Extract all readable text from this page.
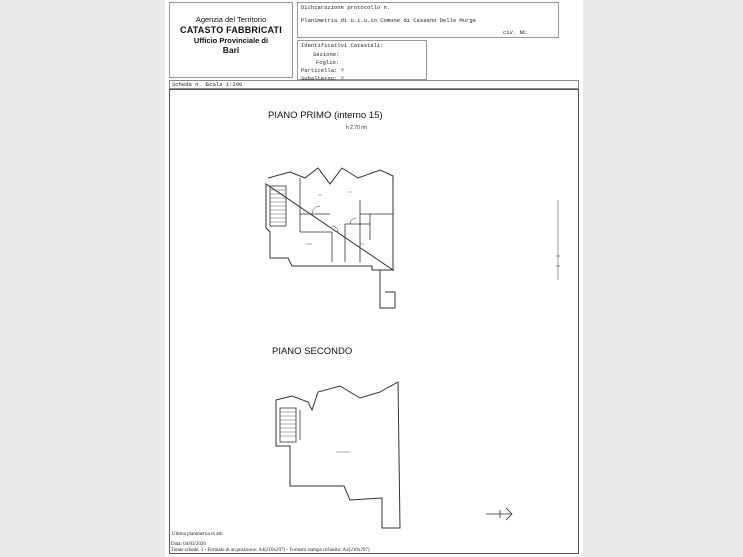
Agenzia del Territorio
CATASTO FABBRICATI
Ufficio Provinciale di
Bari
Dichiarazione protocollo n.
Planimetria di u.i.u.in Comune di Cassano Delle Murge
civ. NC
Identificativi Catastali:
Sezione:
Foglio:
Particella: ?
Subalterno: ?
Scheda n. 1
Scala 1:200
PIANO PRIMO (interno 15)
h 2.70 mt
PIANO SECONDO
Ultima planimetria in atti
Data: 04/03/2026
Totale schede: 1 - Formato di acquisizione: A4(210x297) - Formato stampa richiesto: A4(210x297)
